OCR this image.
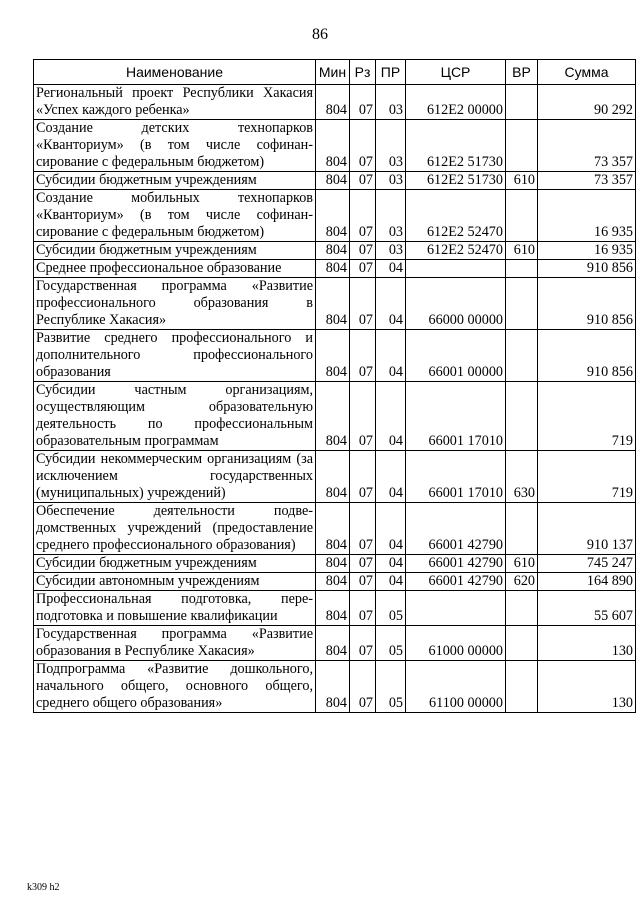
86
Наименование	Мин	Рз	ПР	ЦСР	ВР	Сумма
Региональный проект Республики Хакасия «Успех каждого ребенка»	804	07	03	612E2 00000		90 292
Создание детских технопарков «Кванториум» (в том числе софинансирование с федеральным бюджетом)	804	07	03	612E2 51730		73 357
Субсидии бюджетным учреждениям	804	07	03	612E2 51730	610	73 357
Создание мобильных технопарков «Кванториум» (в том числе софинансирование с федеральным бюджетом)	804	07	03	612E2 52470		16 935
Субсидии бюджетным учреждениям	804	07	03	612E2 52470	610	16 935
Среднее профессиональное образование	804	07	04			910 856
Государственная программа «Развитие профессионального образования в Республике Хакасия»	804	07	04	66000 00000		910 856
Развитие среднего профессионального и дополнительного профессионального образования	804	07	04	66001 00000		910 856
Субсидии частным организациям, осуществляющим образовательную деятельность по профессиональным образовательным программам	804	07	04	66001 17010		719
Субсидии некоммерческим организациям (за исключением государственных (муниципальных) учреждений)	804	07	04	66001 17010	630	719
Обеспечение деятельности подведомственных учреждений (предоставление среднего профессионального образования)	804	07	04	66001 42790		910 137
Субсидии бюджетным учреждениям	804	07	04	66001 42790	610	745 247
Субсидии автономным учреждениям	804	07	04	66001 42790	620	164 890
Профессиональная подготовка, переподготовка и повышение квалификации	804	07	05			55 607
Государственная программа «Развитие образования в Республике Хакасия»	804	07	05	61000 00000		130
Подпрограмма «Развитие дошкольного, начального общего, основного общего, среднего общего образования»	804	07	05	61100 00000		130
k309 h2
